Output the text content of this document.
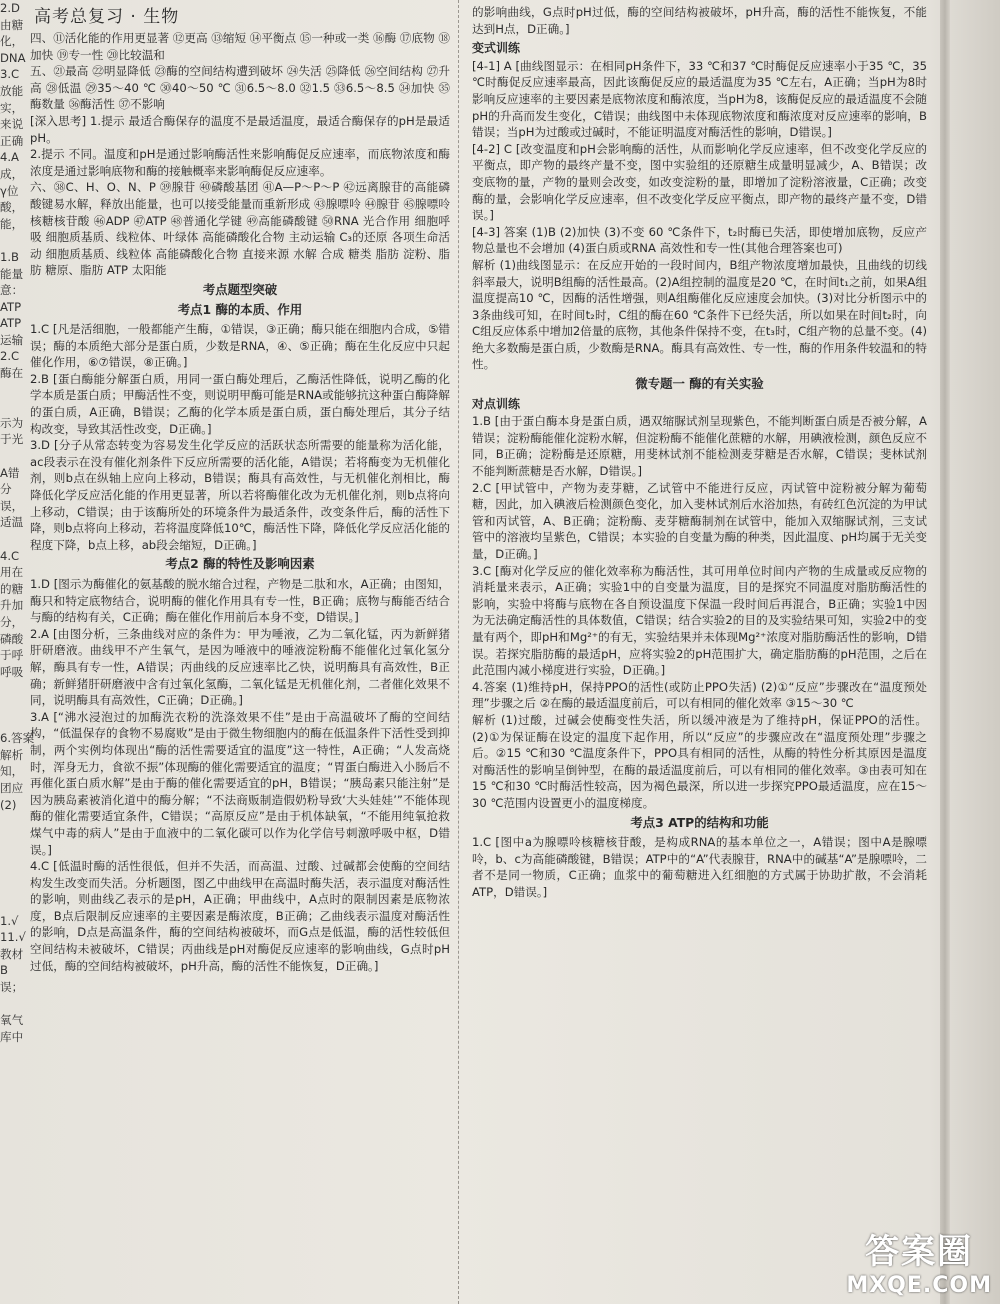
高考总复习 · 生物

四、⑪活化能的作用更显著 ⑫更高 ⑬缩短 ⑭平衡点 ⑮一种或一类 ⑯酶 ⑰底物 ⑱加快 ⑲专一性 ⑳比较温和

五、㉑最高 ㉒明显降低 ㉓酶的空间结构遭到破坏 ㉔失活 ㉕降低 ㉖空间结构 ㉗升高 ㉘低温 ㉙35～40 ℃ ㉚40～50 ℃ ㉛6.5～8.0 ㉜1.5 ㉝6.5～8.5 ㉞加快 ㉟酶数量 ㊱酶活性 ㊲不影响

[深入思考] 1.提示 最适合酶保存的温度不是最适温度，最适合酶保存的pH是最适pH。

2.提示 不同。温度和pH是通过影响酶活性来影响酶促反应速率，而底物浓度和酶浓度是通过影响底物和酶的接触概率来影响酶促反应速率。

六、㊳C、H、O、N、P ㊴腺苷 ㊵磷酸基团 ㊶A—P～P～P ㊷远离腺苷的高能磷酸键易水解，释放出能量，也可以接受能量而重新形成 ㊸腺嘌呤 ㊹腺苷 ㊺腺嘌呤核糖核苷酸 ㊻ADP ㊼ATP ㊽普通化学键 ㊾高能磷酸键 ㊿RNA 光合作用 细胞呼吸 细胞质基质、线粒体、叶绿体 高能磷酸化合物 主动运输 C₃的还原 各项生命活动 细胞质基质、线粒体 高能磷酸化合物 直接来源 水解 合成 糖类 脂肪 淀粉、脂肪 糖原、脂肪 ATP 太阳能

考点题型突破

考点1 酶的本质、作用

1.C [凡是活细胞，一般都能产生酶，①错误，③正确；酶只能在细胞内合成，⑤错误；酶的本质绝大部分是蛋白质，少数是RNA，④、⑤正确；酶在生化反应中只起催化作用，⑥⑦错误，⑧正确。]

2.B [蛋白酶能分解蛋白质，用同一蛋白酶处理后，乙酶活性降低，说明乙酶的化学本质是蛋白质；甲酶活性不变，则说明甲酶可能是RNA或能够抗这种蛋白酶降解的蛋白质，A正确，B错误；乙酶的化学本质是蛋白质，蛋白酶处理后，其分子结构改变，导致其活性改变，D正确。]

3.D [分子从常态转变为容易发生化学反应的活跃状态所需要的能量称为活化能，ac段表示在没有催化剂条件下反应所需要的活化能，A错误；若将酶变为无机催化剂，则b点在纵轴上应向上移动，B错误；酶具有高效性，与无机催化剂相比，酶降低化学反应活化能的作用更显著，所以若将酶催化改为无机催化剂，则b点将向上移动，C错误；由于该酶所处的环境条件为最适条件，改变条件后，酶的活性下降，则b点将向上移动，若将温度降低10℃，酶活性下降，降低化学反应活化能的程度下降，b点上移，ab段会缩短，D正确。]

考点2 酶的特性及影响因素

1.D [图示为酶催化的氨基酸的脱水缩合过程，产物是二肽和水，A正确；由图知，酶只和特定底物结合，说明酶的催化作用具有专一性，B正确；底物与酶能否结合与酶的结构有关，C正确；酶在催化作用前后本身不变，D错误。]

2.A [由图分析，三条曲线对应的条件为：甲为唾液，乙为二氧化锰，丙为新鲜猪肝研磨液。曲线甲不产生氧气，是因为唾液中的唾液淀粉酶不能催化过氧化氢分解，酶具有专一性，A错误；丙曲线的反应速率比乙快，说明酶具有高效性，B正确；新鲜猪肝研磨液中含有过氧化氢酶，二氧化锰是无机催化剂，二者催化效果不同，说明酶具有高效性，C正确；D正确。]

3.A [“沸水浸泡过的加酶洗衣粉的洗涤效果不佳”是由于高温破坏了酶的空间结构，“低温保存的食物不易腐败”是由于微生物细胞内的酶在低温条件下活性受到抑制，两个实例均体现出“酶的活性需要适宜的温度”这一特性，A正确；“人发高烧时，浑身无力，食欲不振”体现酶的催化需要适宜的温度；“胃蛋白酶进入小肠后不再催化蛋白质水解”是由于酶的催化需要适宜的pH，B错误；“胰岛素只能注射”是因为胰岛素被消化道中的酶分解；“不法商贩制造假奶粉导致‘大头娃娃’”不能体现酶的催化需要适宜条件，C错误；“高原反应”是由于机体缺氧，“不能用纯氧抢救煤气中毒的病人”是由于血液中的二氧化碳可以作为化学信号刺激呼吸中枢，D错误。]

4.C [低温时酶的活性很低，但并不失活，而高温、过酸、过碱都会使酶的空间结构发生改变而失活。分析题图，图乙中曲线甲在高温时酶失活，表示温度对酶活性的影响，则曲线乙表示的是pH，A正确；甲曲线中，A点时的限制因素是底物浓度，B点后限制反应速率的主要因素是酶浓度，B正确；乙曲线表示温度对酶活性的影响，D点是高温条件，酶的空间结构被破坏，而G点是低温，酶的活性较低但空间结构未被破坏，C错误；丙曲线是pH对酶促反应速率的影响曲线，G点时pH过低，酶的空间结构被破坏，pH升高，酶的活性不能恢复，D正确。]

的影响曲线，G点时pH过低，酶的空间结构被破坏，pH升高，酶的活性不能恢复，不能达到H点，D正确。]

变式训练

[4-1] A [曲线图显示：在相同pH条件下，33 ℃和37 ℃时酶促反应速率小于35 ℃，35 ℃时酶促反应速率最高，因此该酶促反应的最适温度为35 ℃左右，A正确；当pH为8时影响反应速率的主要因素是底物浓度和酶浓度，当pH为8，该酶促反应的最适温度不会随pH的升高而发生变化，C错误；曲线图中未体现底物浓度和酶浓度对反应速率的影响，B错误；当pH为过酸或过碱时，不能证明温度对酶活性的影响，D错误。]

[4-2] C [改变温度和pH会影响酶的活性，从而影响化学反应速率，但不改变化学反应的平衡点，即产物的最终产量不变，图中实验组的还原糖生成量明显减少，A、B错误；改变底物的量，产物的量则会改变，如改变淀粉的量，即增加了淀粉溶液量，C正确；改变酶的量，会影响化学反应速率，但不改变化学反应平衡点，即产物的最终产量不变，D错误。]

[4-3] 答案 (1)B (2)加快 (3)不变 60 ℃条件下，t₂时酶已失活，即使增加底物，反应产物总量也不会增加 (4)蛋白质或RNA 高效性和专一性(其他合理答案也可)

解析 (1)曲线图显示：在反应开始的一段时间内，B组产物浓度增加最快，且曲线的切线斜率最大，说明B组酶的活性最高。(2)A组控制的温度是20 ℃，在时间t₁之前，如果A组温度提高10 ℃，因酶的活性增强，则A组酶催化反应速度会加快。(3)对比分析图示中的3条曲线可知，在时间t₂时，C组的酶在60 ℃条件下已经失活，所以如果在时间t₂时，向C组反应体系中增加2倍量的底物，其他条件保持不变，在t₃时，C组产物的总量不变。(4)绝大多数酶是蛋白质，少数酶是RNA。酶具有高效性、专一性，酶的作用条件较温和的特性。

微专题一 酶的有关实验

对点训练

1.B [由于蛋白酶本身是蛋白质，遇双缩脲试剂呈现紫色，不能判断蛋白质是否被分解，A错误；淀粉酶能催化淀粉水解，但淀粉酶不能催化蔗糖的水解，用碘液检测，颜色反应不同，B正确；淀粉酶是还原糖，用斐林试剂不能检测麦芽糖是否水解，C错误；斐林试剂不能判断蔗糖是否水解，D错误。]

2.C [甲试管中，产物为麦芽糖，乙试管中不能进行反应，丙试管中淀粉被分解为葡萄糖，因此，加入碘液后检测颜色变化，加入斐林试剂后水浴加热，有砖红色沉淀的为甲试管和丙试管，A、B正确；淀粉酶、麦芽糖酶制剂在试管中，能加入双缩脲试剂，三支试管中的溶液均呈紫色，C错误；本实验的自变量为酶的种类，因此温度、pH均属于无关变量，D正确。]

3.C [酶对化学反应的催化效率称为酶活性，其可用单位时间内产物的生成量或反应物的消耗量来表示，A正确；实验1中的自变量为温度，目的是探究不同温度对脂肪酶活性的影响，实验中将酶与底物在各自预设温度下保温一段时间后再混合，B正确；实验1中因为无法确定酶活性的具体数值，C错误；结合实验2的目的及实验结果可知，实验2中的变量有两个，即pH和Mg²⁺的有无，实验结果并未体现Mg²⁺浓度对脂肪酶活性的影响，D错误。若探究脂肪酶的最适pH，应将实验2的pH范围扩大，确定脂肪酶的pH范围，之后在此范围内减小梯度进行实验，D正确。]

4.答案 (1)维持pH，保持PPO的活性(或防止PPO失活) (2)①“反应”步骤改在“温度预处理”步骤之后 ②在酶的最适温度前后，可以有相同的催化效率 ③15～30 ℃

解析 (1)过酸，过碱会使酶变性失活，所以缓冲液是为了维持pH，保证PPO的活性。(2)①为保证酶在设定的温度下起作用，所以“反应”的步骤应改在“温度预处理”步骤之后。②15 ℃和30 ℃温度条件下，PPO具有相同的活性，从酶的特性分析其原因是温度对酶活性的影响呈倒钟型，在酶的最适温度前后，可以有相同的催化效率。③由表可知在15 ℃和30 ℃时酶活性较高，因为褐色最深，所以进一步探究PPO最适温度，应在15～30 ℃范围内设置更小的温度梯度。

考点3 ATP的结构和功能

1.C [图中a为腺嘌呤核糖核苷酸，是构成RNA的基本单位之一，A错误；图中A是腺嘌呤，b、c为高能磷酸键，B错误；ATP中的“A”代表腺苷，RNA中的碱基“A”是腺嘌呤，二者不是同一物质，C正确；血浆中的葡萄糖进入红细胞的方式属于协助扩散，不会消耗ATP，D错误。]

2.D

由糖

化，

DNA

3.C

放能

实，

来说

正确

4.A

成，

γ位

酸，

能，

1.B

能量

意：

ATP

ATP

运输

2.C

酶在

示为

于光

A错

分

误，

适温

4.C

用在

的糖

升加

分，

磷酸

于呼

呼吸

6.答案

解析

知，

团应

(2)

1.√

11.√

教材

B

误；

氧气

库中

答案圈
MXQE.COM
